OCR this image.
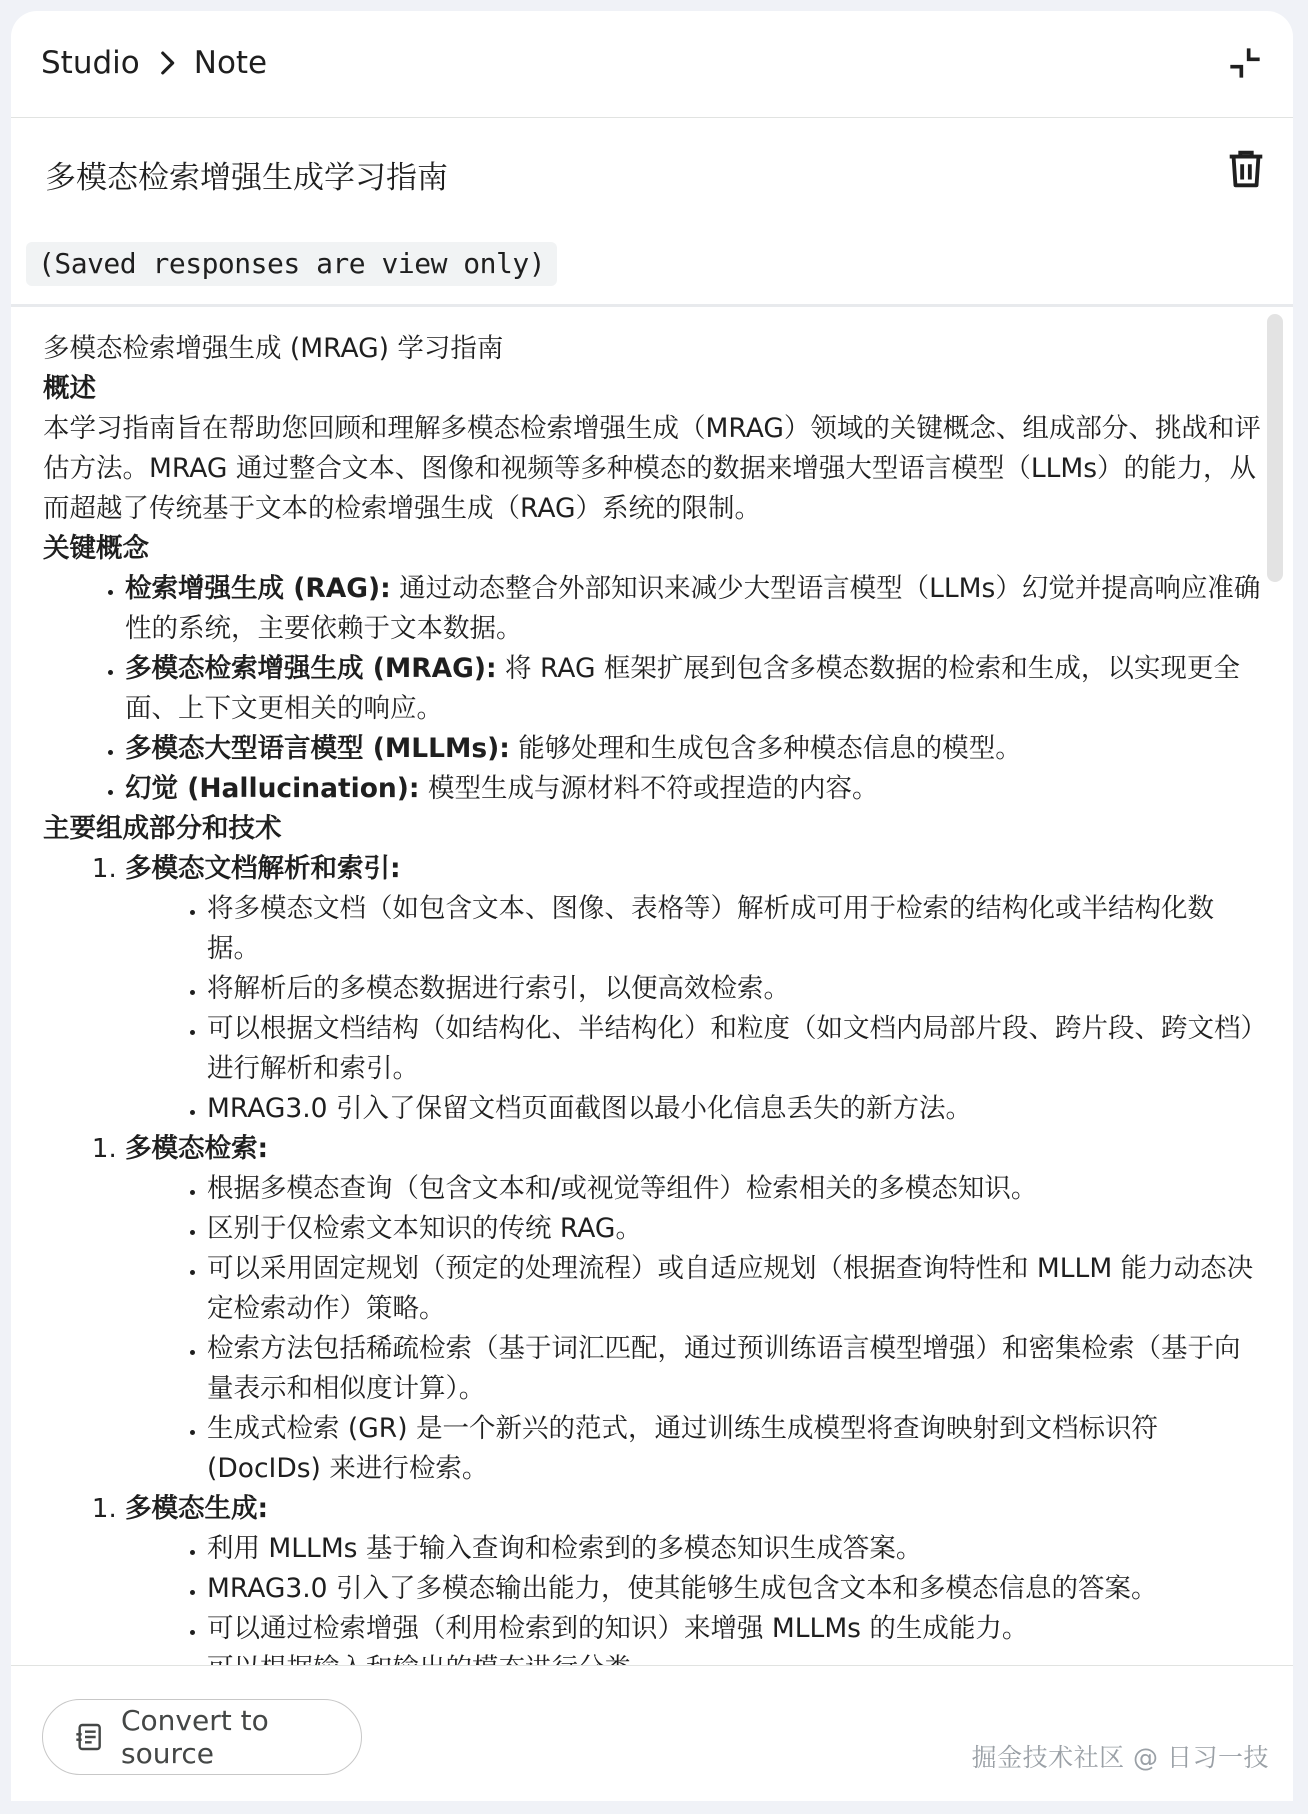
Studio Note
多模态检索增强生成学习指南
(Saved responses are view only)

多模态检索增强生成 (MRAG) 学习指南

概述

本学习指南旨在帮助您回顾和理解多模态检索增强生成（MRAG）领域的关键概念、组成部分、挑战和评估方法。MRAG 通过整合文本、图像和视频等多种模态的数据来增强大型语言模型（LLMs）的能力，从而超越了传统基于文本的检索增强生成（RAG）系统的限制。

关键概念

• 检索增强生成 (RAG): 通过动态整合外部知识来减少大型语言模型（LLMs）幻觉并提高响应准确性的系统，主要依赖于文本数据。
• 多模态检索增强生成 (MRAG): 将 RAG 框架扩展到包含多模态数据的检索和生成，以实现更全面、上下文更相关的响应。
• 多模态大型语言模型 (MLLMs): 能够处理和生成包含多种模态信息的模型。
• 幻觉 (Hallucination): 模型生成与源材料不符或捏造的内容。

主要组成部分和技术

1. 多模态文档解析和索引:
• 将多模态文档（如包含文本、图像、表格等）解析成可用于检索的结构化或半结构化数据。
• 将解析后的多模态数据进行索引，以便高效检索。
• 可以根据文档结构（如结构化、半结构化）和粒度（如文档内局部片段、跨片段、跨文档）进行解析和索引。
• MRAG3.0 引入了保留文档页面截图以最小化信息丢失的新方法。
1. 多模态检索:
• 根据多模态查询（包含文本和/或视觉等组件）检索相关的多模态知识。
• 区别于仅检索文本知识的传统 RAG。
• 可以采用固定规划（预定的处理流程）或自适应规划（根据查询特性和 MLLM 能力动态决定检索动作）策略。
• 检索方法包括稀疏检索（基于词汇匹配，通过预训练语言模型增强）和密集检索（基于向量表示和相似度计算）。
• 生成式检索 (GR) 是一个新兴的范式，通过训练生成模型将查询映射到文档标识符 (DocIDs) 来进行检索。
1. 多模态生成:
• 利用 MLLMs 基于输入查询和检索到的多模态知识生成答案。
• MRAG3.0 引入了多模态输出能力，使其能够生成包含文本和多模态信息的答案。
• 可以通过检索增强（利用检索到的知识）来增强 MLLMs 的生成能力。
•
Convert to source	掘金技术社区 @ 日习一技
